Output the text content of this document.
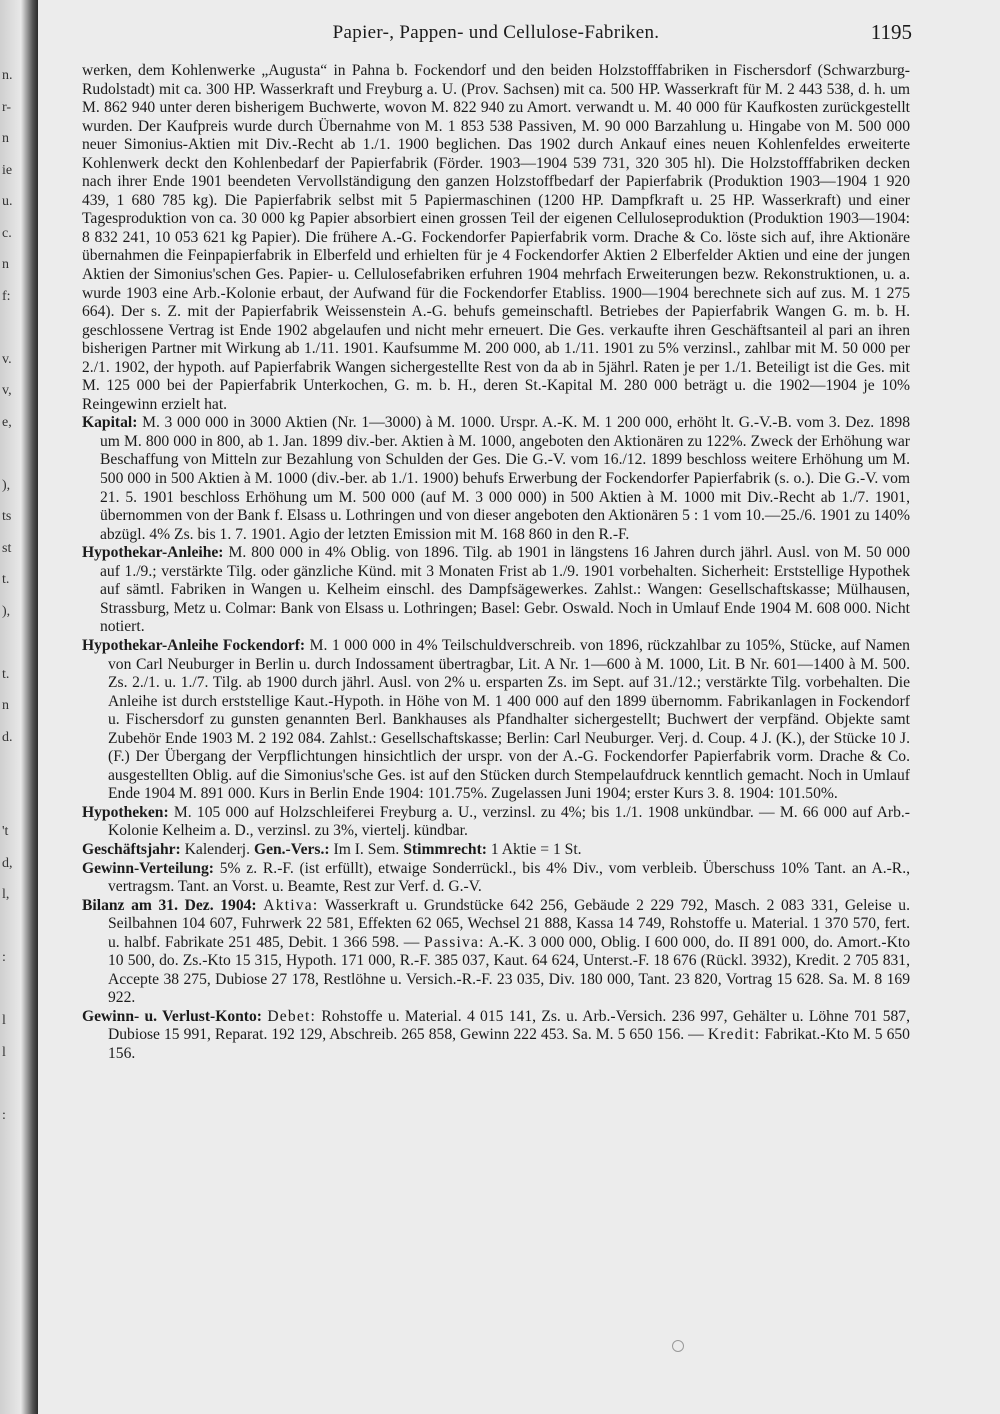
n.
r-
n
ie
u.
c.
n
f:
v.
v,
e,
),
ts
st
t.
),
t.
n
d.
't
d,
l,
:
l
l
:
Papier-, Pappen- und Cellulose-Fabriken.	1195

werken, dem Kohlenwerke „Augusta“ in Pahna b. Fockendorf und den beiden Holzstofffabriken in Fischersdorf (Schwarzburg-Rudolstadt) mit ca. 300 HP. Wasserkraft und Freyburg a. U. (Prov. Sachsen) mit ca. 500 HP. Wasserkraft für M. 2 443 538, d. h. um M. 862 940 unter deren bisherigem Buchwerte, wovon M. 822 940 zu Amort. verwandt u. M. 40 000 für Kaufkosten zurückgestellt wurden. Der Kaufpreis wurde durch Übernahme von M. 1 853 538 Passiven, M. 90 000 Barzahlung u. Hingabe von M. 500 000 neuer Simonius-Aktien mit Div.-Recht ab 1./1. 1900 beglichen. Das 1902 durch Ankauf eines neuen Kohlenfeldes erweiterte Kohlenwerk deckt den Kohlenbedarf der Papierfabrik (Förder. 1903—1904 539 731, 320 305 hl). Die Holzstofffabriken decken nach ihrer Ende 1901 beendeten Vervollständigung den ganzen Holzstoffbedarf der Papierfabrik (Produktion 1903—1904 1 920 439, 1 680 785 kg). Die Papierfabrik selbst mit 5 Papiermaschinen (1200 HP. Dampfkraft u. 25 HP. Wasserkraft) und einer Tagesproduktion von ca. 30 000 kg Papier absorbiert einen grossen Teil der eigenen Celluloseproduktion (Produktion 1903—1904: 8 832 241, 10 053 621 kg Papier). Die frühere A.-G. Fockendorfer Papierfabrik vorm. Drache & Co. löste sich auf, ihre Aktionäre übernahmen die Feinpapierfabrik in Elberfeld und erhielten für je 4 Fockendorfer Aktien 2 Elberfelder Aktien und eine der jungen Aktien der Simonius'schen Ges. Papier- u. Cellulosefabriken erfuhren 1904 mehrfach Erweiterungen bezw. Rekonstruktionen, u. a. wurde 1903 eine Arb.-Kolonie erbaut, der Aufwand für die Fockendorfer Etabliss. 1900—1904 berechnete sich auf zus. M. 1 275 664). Der s. Z. mit der Papierfabrik Weissenstein A.-G. behufs gemeinschaftl. Betriebes der Papierfabrik Wangen G. m. b. H. geschlossene Vertrag ist Ende 1902 abgelaufen und nicht mehr erneuert. Die Ges. verkaufte ihren Geschäftsanteil al pari an ihren bisherigen Partner mit Wirkung ab 1./11. 1901. Kaufsumme M. 200 000, ab 1./11. 1901 zu 5% verzinsl., zahlbar mit M. 50 000 per 2./1. 1902, der hypoth. auf Papierfabrik Wangen sichergestellte Rest von da ab in 5jährl. Raten je per 1./1. Beteiligt ist die Ges. mit M. 125 000 bei der Papierfabrik Unterkochen, G. m. b. H., deren St.-Kapital M. 280 000 beträgt u. die 1902—1904 je 10% Reingewinn erzielt hat.

Kapital: M. 3 000 000 in 3000 Aktien (Nr. 1—3000) à M. 1000. Urspr. A.-K. M. 1 200 000, erhöht lt. G.-V.-B. vom 3. Dez. 1898 um M. 800 000 in 800, ab 1. Jan. 1899 div.-ber. Aktien à M. 1000, angeboten den Aktionären zu 122%. Zweck der Erhöhung war Beschaffung von Mitteln zur Bezahlung von Schulden der Ges. Die G.-V. vom 16./12. 1899 beschloss weitere Erhöhung um M. 500 000 in 500 Aktien à M. 1000 (div.-ber. ab 1./1. 1900) behufs Erwerbung der Fockendorfer Papierfabrik (s. o.). Die G.-V. vom 21. 5. 1901 beschloss Erhöhung um M. 500 000 (auf M. 3 000 000) in 500 Aktien à M. 1000 mit Div.-Recht ab 1./7. 1901, übernommen von der Bank f. Elsass u. Lothringen und von dieser angeboten den Aktionären 5 : 1 vom 10.—25./6. 1901 zu 140% abzügl. 4% Zs. bis 1. 7. 1901. Agio der letzten Emission mit M. 168 860 in den R.-F.

Hypothekar-Anleihe: M. 800 000 in 4% Oblig. von 1896. Tilg. ab 1901 in längstens 16 Jahren durch jährl. Ausl. von M. 50 000 auf 1./9.; verstärkte Tilg. oder gänzliche Künd. mit 3 Monaten Frist ab 1./9. 1901 vorbehalten. Sicherheit: Erststellige Hypothek auf sämtl. Fabriken in Wangen u. Kelheim einschl. des Dampfsägewerkes. Zahlst.: Wangen: Gesellschaftskasse; Mülhausen, Strassburg, Metz u. Colmar: Bank von Elsass u. Lothringen; Basel: Gebr. Oswald. Noch in Umlauf Ende 1904 M. 608 000. Nicht notiert.

Hypothekar-Anleihe Fockendorf: M. 1 000 000 in 4% Teilschuldverschreib. von 1896, rückzahlbar zu 105%, Stücke, auf Namen von Carl Neuburger in Berlin u. durch Indossament übertragbar, Lit. A Nr. 1—600 à M. 1000, Lit. B Nr. 601—1400 à M. 500. Zs. 2./1. u. 1./7. Tilg. ab 1900 durch jährl. Ausl. von 2% u. ersparten Zs. im Sept. auf 31./12.; verstärkte Tilg. vorbehalten. Die Anleihe ist durch erststellige Kaut.-Hypoth. in Höhe von M. 1 400 000 auf den 1899 übernomm. Fabrikanlagen in Fockendorf u. Fischersdorf zu gunsten genannten Berl. Bankhauses als Pfandhalter sichergestellt; Buchwert der verpfänd. Objekte samt Zubehör Ende 1903 M. 2 192 084. Zahlst.: Gesellschaftskasse; Berlin: Carl Neuburger. Verj. d. Coup. 4 J. (K.), der Stücke 10 J. (F.) Der Übergang der Verpflichtungen hinsichtlich der urspr. von der A.-G. Fockendorfer Papierfabrik vorm. Drache & Co. ausgestellten Oblig. auf die Simonius'sche Ges. ist auf den Stücken durch Stempelaufdruck kenntlich gemacht. Noch in Umlauf Ende 1904 M. 891 000. Kurs in Berlin Ende 1904: 101.75%. Zugelassen Juni 1904; erster Kurs 3. 8. 1904: 101.50%.

Hypotheken: M. 105 000 auf Holzschleiferei Freyburg a. U., verzinsl. zu 4%; bis 1./1. 1908 unkündbar. — M. 66 000 auf Arb.-Kolonie Kelheim a. D., verzinsl. zu 3%, viertelj. kündbar.

Geschäftsjahr: Kalenderj. Gen.-Vers.: Im I. Sem. Stimmrecht: 1 Aktie = 1 St.

Gewinn-Verteilung: 5% z. R.-F. (ist erfüllt), etwaige Sonderrückl., bis 4% Div., vom verbleib. Überschuss 10% Tant. an A.-R., vertragsm. Tant. an Vorst. u. Beamte, Rest zur Verf. d. G.-V.

Bilanz am 31. Dez. 1904: Aktiva: Wasserkraft u. Grundstücke 642 256, Gebäude 2 229 792, Masch. 2 083 331, Geleise u. Seilbahnen 104 607, Fuhrwerk 22 581, Effekten 62 065, Wechsel 21 888, Kassa 14 749, Rohstoffe u. Material. 1 370 570, fert. u. halbf. Fabrikate 251 485, Debit. 1 366 598. — Passiva: A.-K. 3 000 000, Oblig. I 600 000, do. II 891 000, do. Amort.-Kto 10 500, do. Zs.-Kto 15 315, Hypoth. 171 000, R.-F. 385 037, Kaut. 64 624, Unterst.-F. 18 676 (Rückl. 3932), Kredit. 2 705 831, Accepte 38 275, Dubiose 27 178, Restlöhne u. Versich.-R.-F. 23 035, Div. 180 000, Tant. 23 820, Vortrag 15 628. Sa. M. 8 169 922.

Gewinn- u. Verlust-Konto: Debet: Rohstoffe u. Material. 4 015 141, Zs. u. Arb.-Versich. 236 997, Gehälter u. Löhne 701 587, Dubiose 15 991, Reparat. 192 129, Abschreib. 265 858, Gewinn 222 453. Sa. M. 5 650 156. — Kredit: Fabrikat.-Kto M. 5 650 156.
